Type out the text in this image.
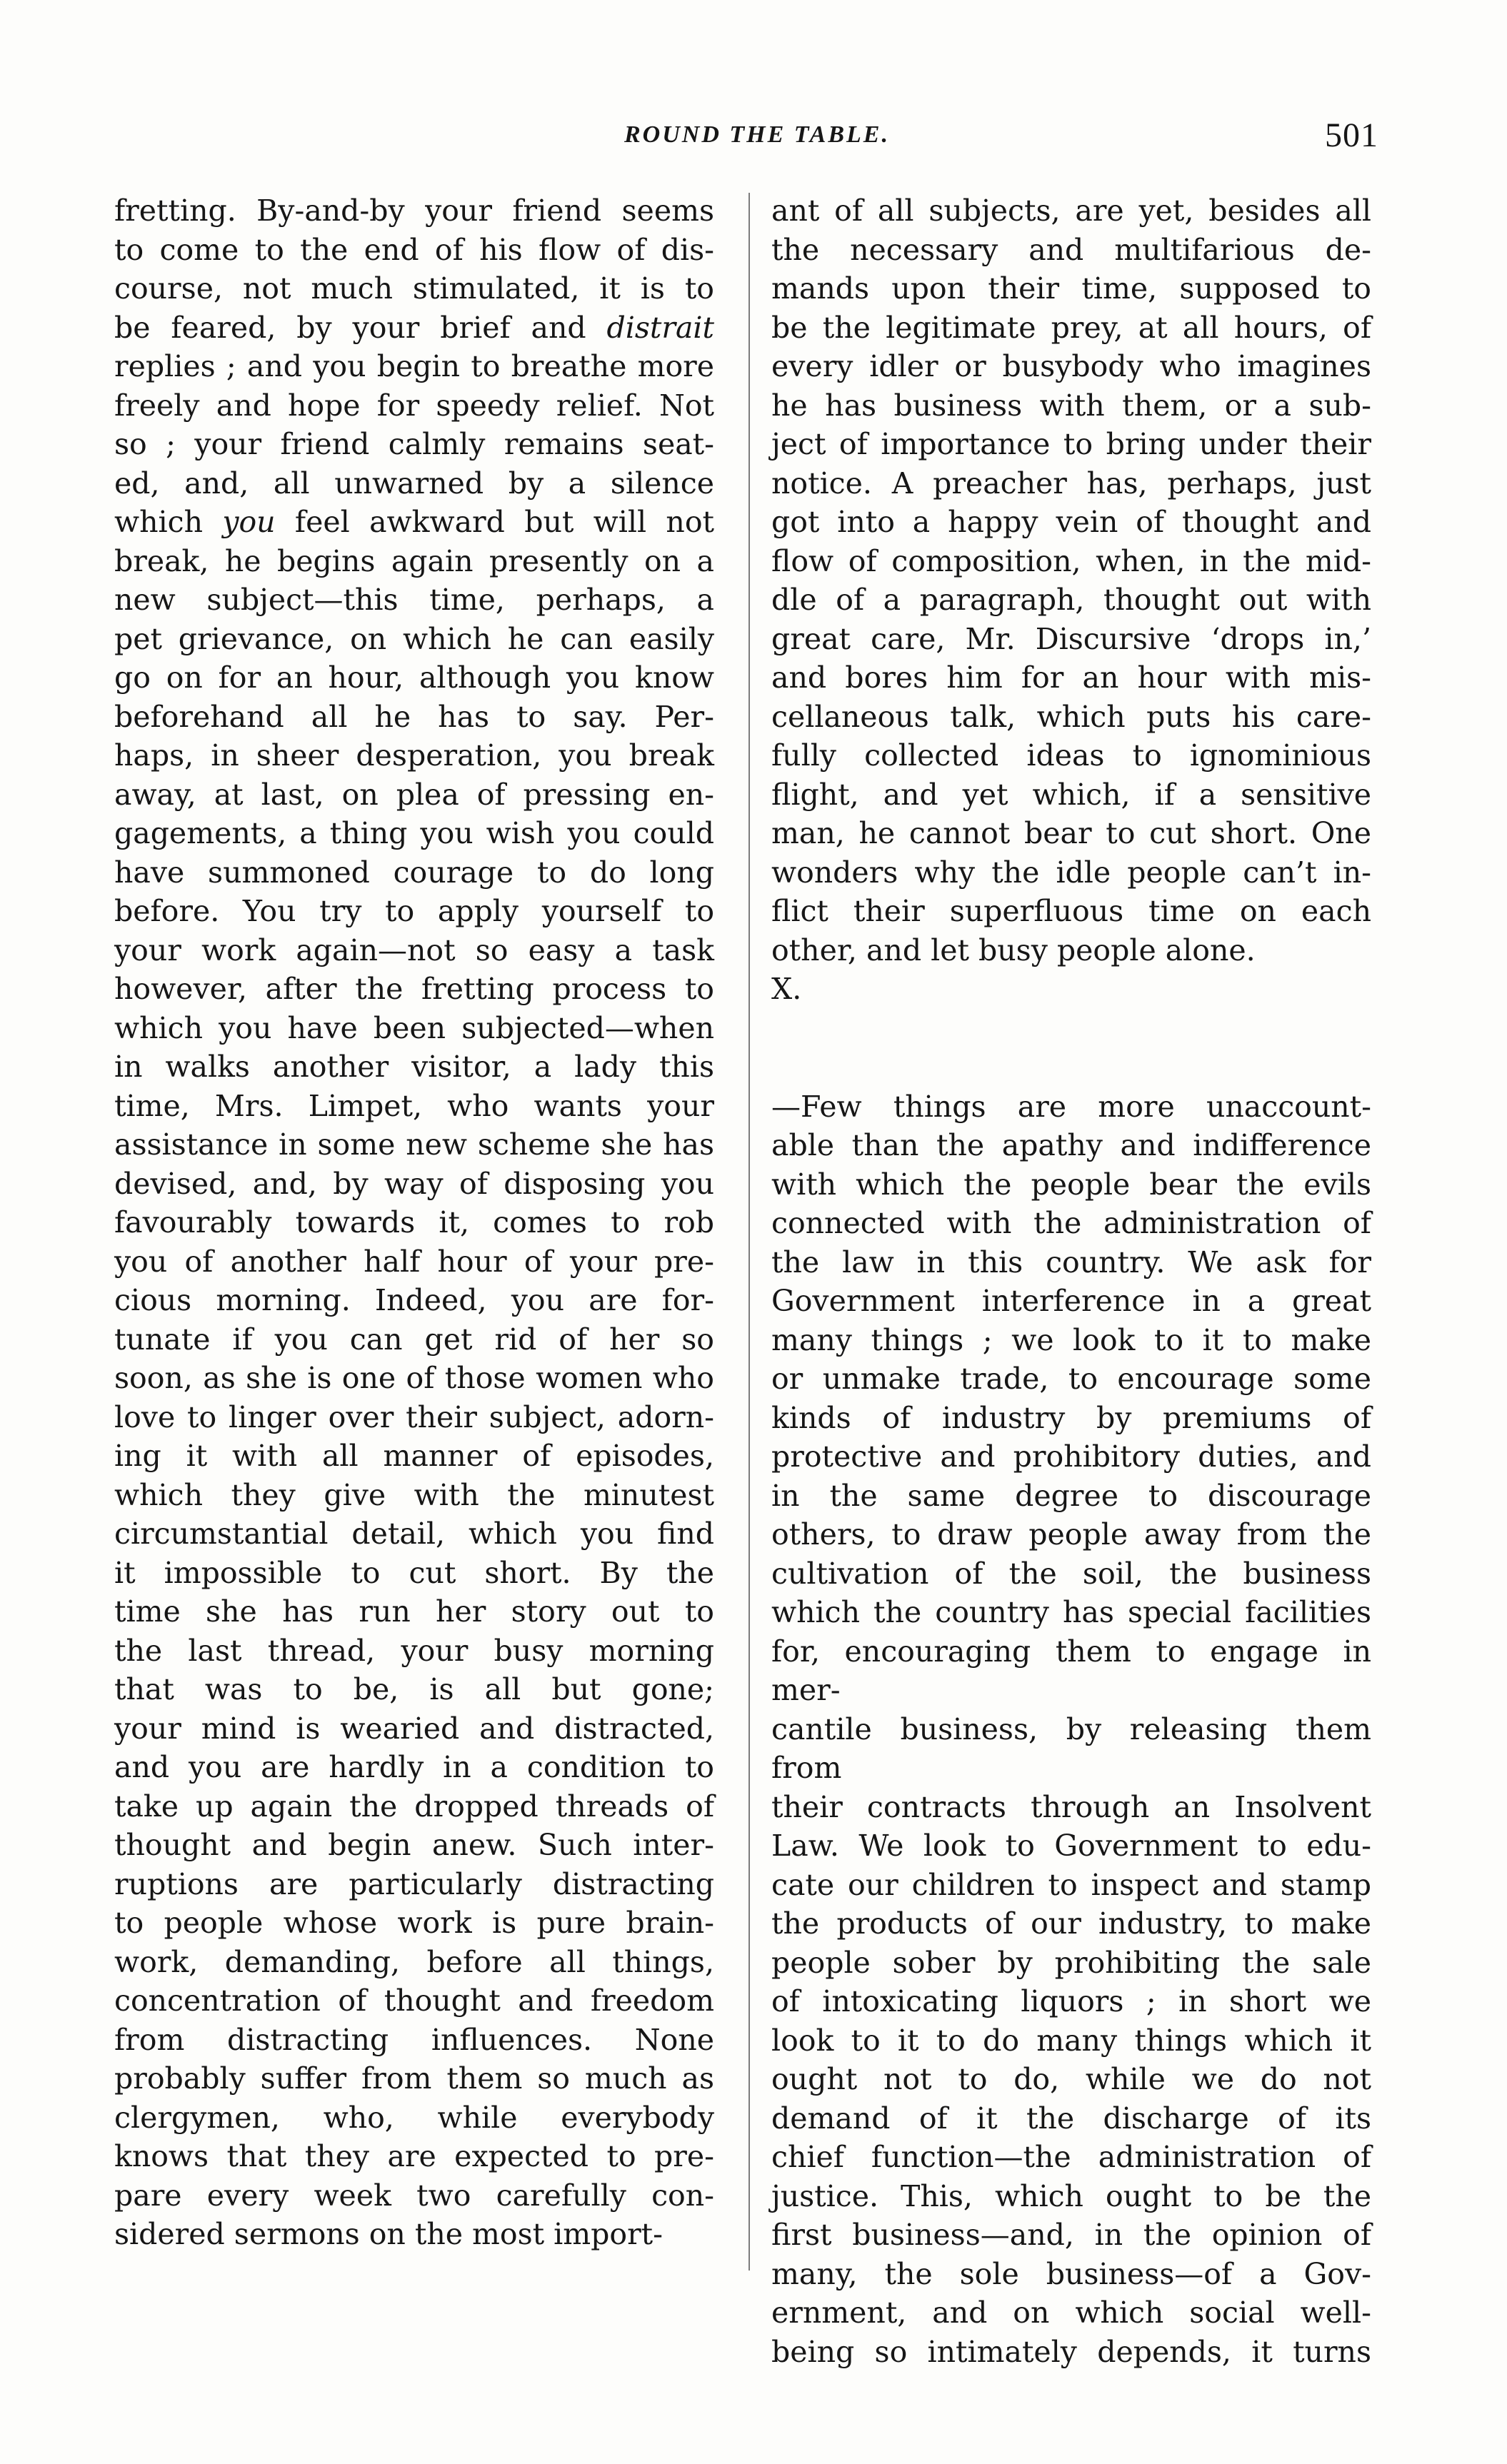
ROUND THE TABLE.	501

fretting. By-and-by your friend seems

to come to the end of his flow of dis-

course, not much stimulated, it is to

be feared, by your brief and distrait

replies ; and you begin to breathe more

freely and hope for speedy relief. Not

so ; your friend calmly remains seat-

ed, and, all unwarned by a silence

which you feel awkward but will not

break, he begins again presently on a

new subject—this time, perhaps, a

pet grievance, on which he can easily

go on for an hour, although you know

beforehand all he has to say. Per-

haps, in sheer desperation, you break

away, at last, on plea of pressing en-

gagements, a thing you wish you could

have summoned courage to do long

before. You try to apply yourself to

your work again—not so easy a task

however, after the fretting process to

which you have been subjected—when

in walks another visitor, a lady this

time, Mrs. Limpet, who wants your

assistance in some new scheme she has

devised, and, by way of disposing you

favourably towards it, comes to rob

you of another half hour of your pre-

cious morning. Indeed, you are for-

tunate if you can get rid of her so

soon, as she is one of those women who

love to linger over their subject, adorn-

ing it with all manner of episodes,

which they give with the minutest

circumstantial detail, which you find

it impossible to cut short. By the

time she has run her story out to

the last thread, your busy morning

that was to be, is all but gone;

your mind is wearied and distracted,

and you are hardly in a condition to

take up again the dropped threads of

thought and begin anew. Such inter-

ruptions are particularly distracting

to people whose work is pure brain-

work, demanding, before all things,

concentration of thought and freedom

from distracting influences. None

probably suffer from them so much as

clergymen, who, while everybody

knows that they are expected to pre-

pare every week two carefully con-

sidered sermons on the most import-

ant of all subjects, are yet, besides all

the necessary and multifarious de-

mands upon their time, supposed to

be the legitimate prey, at all hours, of

every idler or busybody who imagines

he has business with them, or a sub-

ject of importance to bring under their

notice. A preacher has, perhaps, just

got into a happy vein of thought and

flow of composition, when, in the mid-

dle of a paragraph, thought out with

great care, Mr. Discursive ‘drops in,’

and bores him for an hour with mis-

cellaneous talk, which puts his care-

fully collected ideas to ignominious

flight, and yet which, if a sensitive

man, he cannot bear to cut short. One

wonders why the idle people can’t in-

flict their superfluous time on each

other, and let busy people alone.

X.

—Few things are more unaccount-

able than the apathy and indifference

with which the people bear the evils

connected with the administration of

the law in this country. We ask for

Government interference in a great

many things ; we look to it to make

or unmake trade, to encourage some

kinds of industry by premiums of

protective and prohibitory duties, and

in the same degree to discourage

others, to draw people away from the

cultivation of the soil, the business

which the country has special facilities

for, encouraging them to engage in mer-

cantile business, by releasing them from

their contracts through an Insolvent

Law. We look to Government to edu-

cate our children to inspect and stamp

the products of our industry, to make

people sober by prohibiting the sale

of intoxicating liquors ; in short we

look to it to do many things which it

ought not to do, while we do not

demand of it the discharge of its

chief function—the administration of

justice. This, which ought to be the

first business—and, in the opinion of

many, the sole business—of a Gov-

ernment, and on which social well-

being so intimately depends, it turns
